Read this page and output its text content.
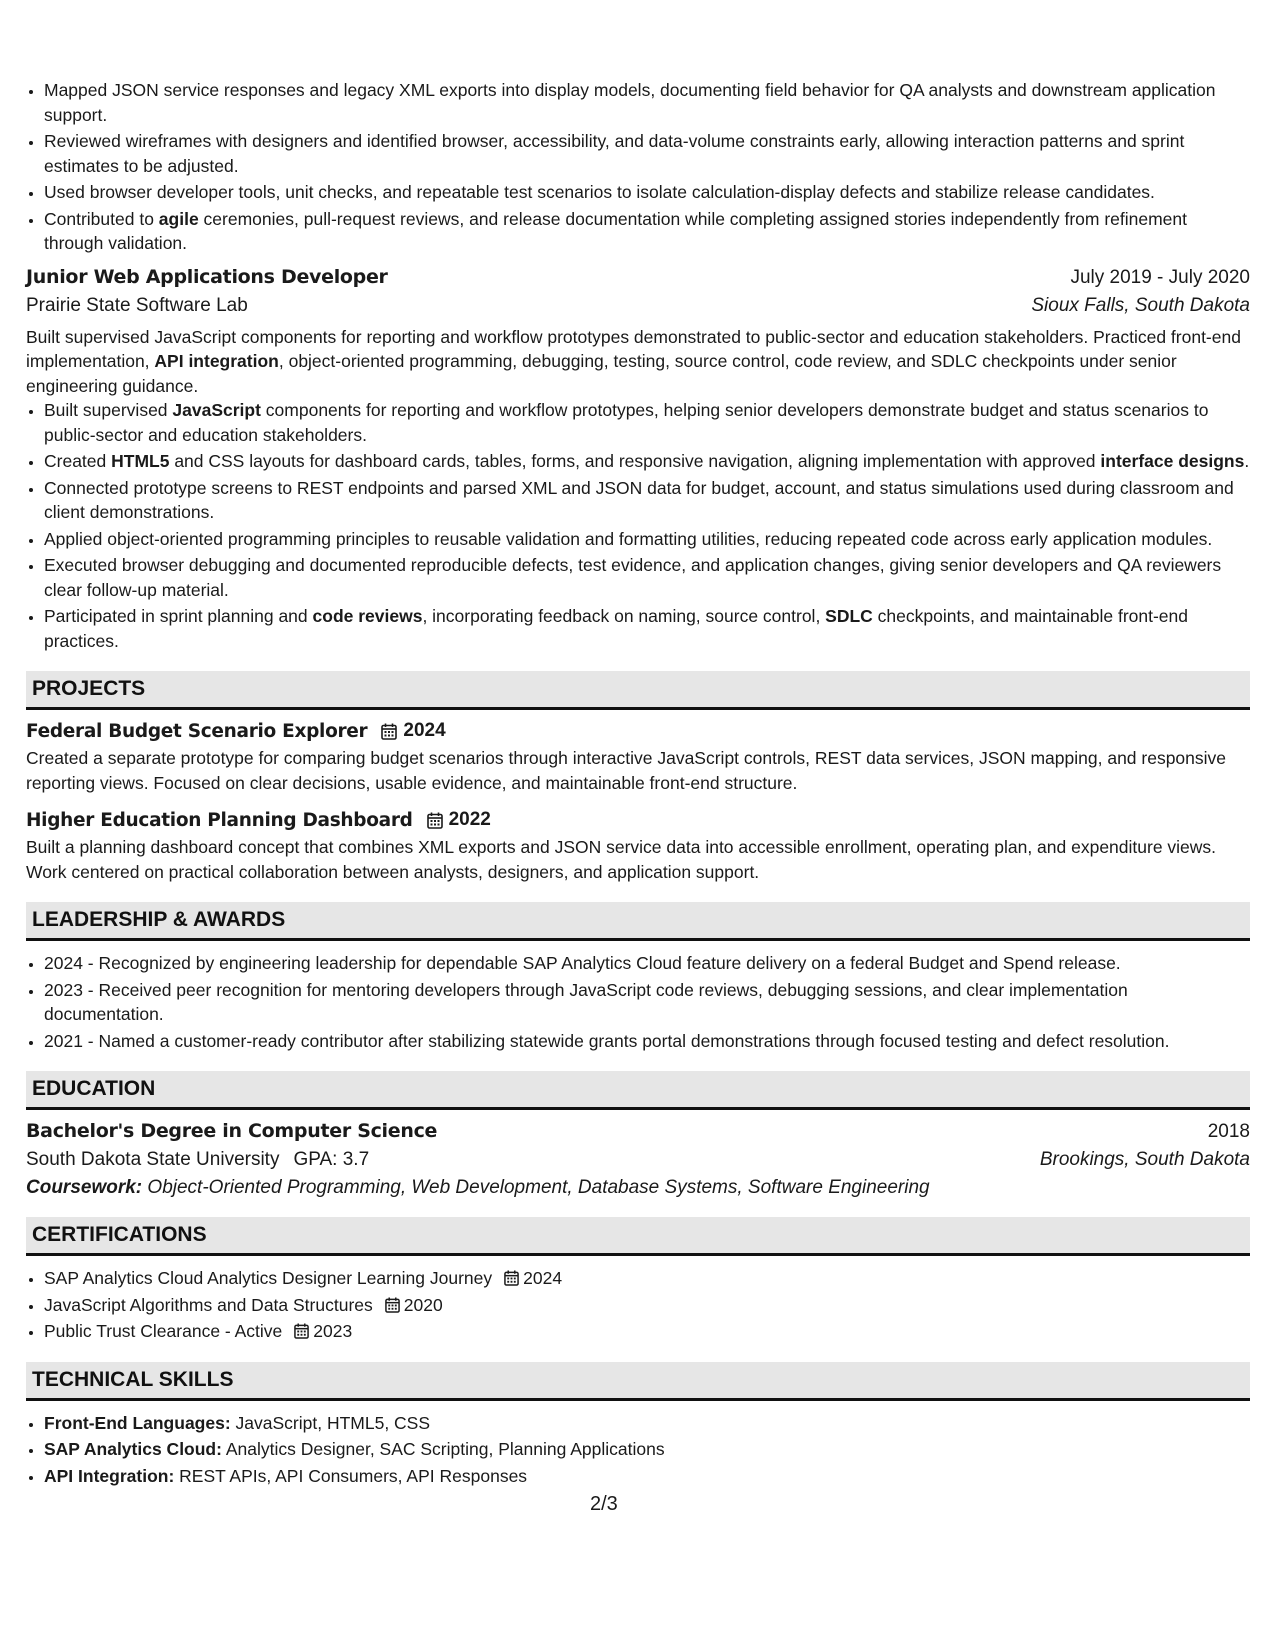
• Mapped JSON service responses and legacy XML exports into display models, documenting field behavior for QA analysts and downstream application support.
• Reviewed wireframes with designers and identified browser, accessibility, and data-volume constraints early, allowing interaction patterns and sprint estimates to be adjusted.
• Used browser developer tools, unit checks, and repeatable test scenarios to isolate calculation-display defects and stabilize release candidates.
• Contributed to agile ceremonies, pull-request reviews, and release documentation while completing assigned stories independently from refinement through validation.
Junior Web Applications Developer	July 2019 - July 2020
Prairie State Software Lab	Sioux Falls, South Dakota

Built supervised JavaScript components for reporting and workflow prototypes demonstrated to public-sector and education stakeholders. Practiced front-end implementation, API integration, object-oriented programming, debugging, testing, source control, code review, and SDLC checkpoints under senior engineering guidance.

• Built supervised JavaScript components for reporting and workflow prototypes, helping senior developers demonstrate budget and status scenarios to public-sector and education stakeholders.
• Created HTML5 and CSS layouts for dashboard cards, tables, forms, and responsive navigation, aligning implementation with approved interface designs.
• Connected prototype screens to REST endpoints and parsed XML and JSON data for budget, account, and status simulations used during classroom and client demonstrations.
• Applied object-oriented programming principles to reusable validation and formatting utilities, reducing repeated code across early application modules.
• Executed browser debugging and documented reproducible defects, test evidence, and application changes, giving senior developers and QA reviewers clear follow-up material.
• Participated in sprint planning and code reviews, incorporating feedback on naming, source control, SDLC checkpoints, and maintainable front-end practices.
PROJECTS
Federal Budget Scenario Explorer 2024

Created a separate prototype for comparing budget scenarios through interactive JavaScript controls, REST data services, JSON mapping, and responsive reporting views. Focused on clear decisions, usable evidence, and maintainable front-end structure.

Higher Education Planning Dashboard 2022

Built a planning dashboard concept that combines XML exports and JSON service data into accessible enrollment, operating plan, and expenditure views. Work centered on practical collaboration between analysts, designers, and application support.

LEADERSHIP & AWARDS
• 2024 - Recognized by engineering leadership for dependable SAP Analytics Cloud feature delivery on a federal Budget and Spend release.
• 2023 - Received peer recognition for mentoring developers through JavaScript code reviews, debugging sessions, and clear implementation documentation.
• 2021 - Named a customer-ready contributor after stabilizing statewide grants portal demonstrations through focused testing and defect resolution.
EDUCATION
Bachelor's Degree in Computer Science	2018
South Dakota State University GPA: 3.7	Brookings, South Dakota
Coursework: Object-Oriented Programming, Web Development, Database Systems, Software Engineering
CERTIFICATIONS
• SAP Analytics Cloud Analytics Designer Learning Journey 2024
• JavaScript Algorithms and Data Structures 2020
• Public Trust Clearance - Active 2023
TECHNICAL SKILLS
• Front-End Languages: JavaScript, HTML5, CSS
• SAP Analytics Cloud: Analytics Designer, SAC Scripting, Planning Applications
• API Integration: REST APIs, API Consumers, API Responses
2/3
